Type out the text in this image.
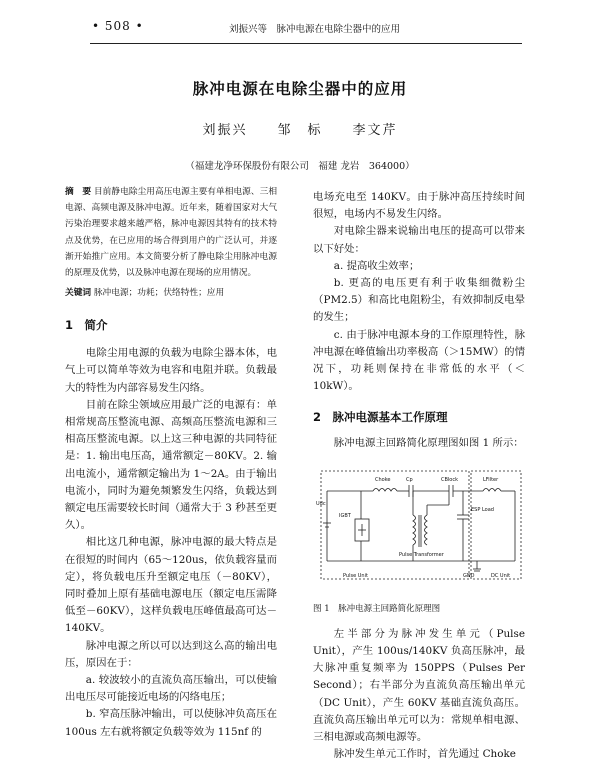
• 508 •	刘振兴等　脉冲电源在电除尘器中的应用
脉冲电源在电除尘器中的应用
刘振兴　　邹　标　　李文芹
（福建龙净环保股份有限公司　福建 龙岩　364000）

摘　要 目前静电除尘用高压电源主要有单相电源、三相电源、高频电源及脉冲电源。近年来，随着国家对大气污染治理要求越来越严格，脉冲电源因其特有的技术特点及优势，在已应用的场合得到用户的广泛认可，并逐渐开始推广应用。本文简要分析了静电除尘用脉冲电源的原理及优势，以及脉冲电源在现场的应用情况。

关键词 脉冲电源；功耗；伏络特性；应用

1　简介

电除尘用电源的负载为电除尘器本体，电气上可以简单等效为电容和电阻并联。负载最大的特性为内部容易发生闪络。

目前在除尘领域应用最广泛的电源有：单相常规高压整流电源、高频高压整流电源和三相高压整流电源。以上这三种电源的共同特征是：1. 输出电压高，通常额定－80KV。2. 输出电流小，通常额定输出为 1～2A。由于输出电流小，同时为避免频繁发生闪络，负载达到额定电压需要较长时间（通常大于 3 秒甚至更久）。

相比这几种电源，脉冲电源的最大特点是在很短的时间内（65～120us，依负载容量而定），将负载电压升至额定电压（－80KV），同时叠加上原有基础电源电压（额定电压需降低至－60KV），这样负载电压峰值最高可达－140KV。

脉冲电源之所以可以达到这么高的输出电压，原因在于：

a. 较波较小的直流负高压输出，可以使输出电压尽可能接近电场的闪络电压；

b. 窄高压脉冲输出，可以使脉冲负高压在 100us 左右就将额定负载等效为 115nf 的

电场充电至 140KV。由于脉冲高压持续时间很短，电场内不易发生闪络。

对电除尘器来说输出电压的提高可以带来以下好处：

a. 提高收尘效率；

b. 更高的电压更有利于收集细微粉尘（PM2.5）和高比电阻粉尘，有效抑制反电晕的发生；

c. 由于脉冲电源本身的工作原理特性，脉冲电源在峰值输出功率极高（＞15MW）的情况下，功耗则保持在非常低的水平（＜10kW）。

2　脉冲电源基本工作原理

脉冲电源主回路简化原理图如图 1 所示：

Choke	Cp	CBlock	LFilter
Udc
IGBT
ESP Load
Pulse Transformer
Pulse Unit	GND	DC Unit

图 1　脉冲电源主回路简化原理图

左半部分为脉冲发生单元（Pulse Unit），产生 100us/140KV 负高压脉冲，最大脉冲重复频率为 150PPS（Pulses Per Second）；右半部分为直流负高压输出单元（DC Unit），产生 60KV 基础直流负高压。直流负高压输出单元可以为：常规单相电源、三相电源或高频电源等。

脉冲发生单元工作时，首先通过 Choke
